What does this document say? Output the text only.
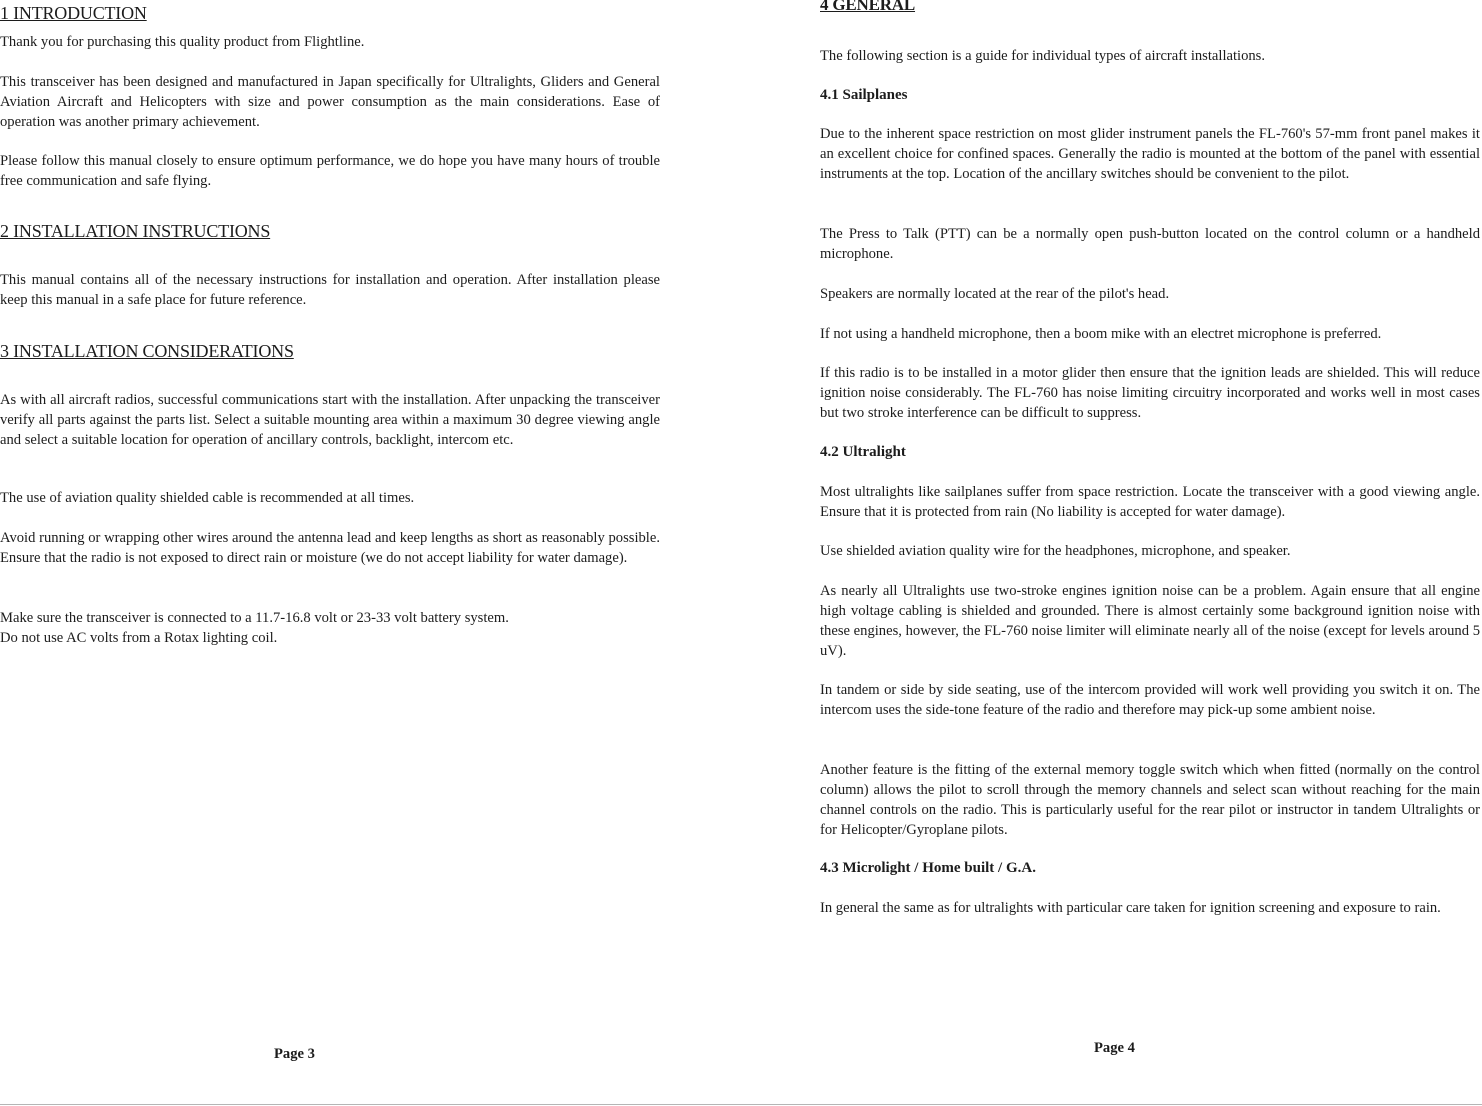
1 INTRODUCTION

Thank you for purchasing this quality product from Flightline.

This transceiver has been designed and manufactured in Japan specifically for Ultralights, Gliders and General Aviation Aircraft and Helicopters with size and power consumption as the main considerations. Ease of operation was another primary achievement.

Please follow this manual closely to ensure optimum performance, we do hope you have many hours of trouble free communication and safe flying.

2 INSTALLATION INSTRUCTIONS

This manual contains all of the necessary instructions for installation and operation. After installation please keep this manual in a safe place for future reference.

3 INSTALLATION CONSIDERATIONS

As with all aircraft radios, successful communications start with the installation. After unpacking the transceiver verify all parts against the parts list. Select a suitable mounting area within a maximum 30 degree viewing angle and select a suitable location for operation of ancillary controls, backlight, intercom etc.

The use of aviation quality shielded cable is recommended at all times.

Avoid running or wrapping other wires around the antenna lead and keep lengths as short as reasonably possible. Ensure that the radio is not exposed to direct rain or moisture (we do not accept liability for water damage).

Make sure the transceiver is connected to a 11.7-16.8 volt or 23-33 volt battery system.

Do not use AC volts from a Rotax lighting coil.

Page 3
4 GENERAL

The following section is a guide for individual types of aircraft installations.

4.1 Sailplanes

Due to the inherent space restriction on most glider instrument panels the FL-760's 57-mm front panel makes it an excellent choice for confined spaces. Generally the radio is mounted at the bottom of the panel with essential instruments at the top. Location of the ancillary switches should be convenient to the pilot.

The Press to Talk (PTT) can be a normally open push-button located on the control column or a handheld microphone.

Speakers are normally located at the rear of the pilot's head.

If not using a handheld microphone, then a boom mike with an electret microphone is preferred.

If this radio is to be installed in a motor glider then ensure that the ignition leads are shielded. This will reduce ignition noise considerably. The FL-760 has noise limiting circuitry incorporated and works well in most cases but two stroke interference can be difficult to suppress.

4.2 Ultralight

Most ultralights like sailplanes suffer from space restriction. Locate the transceiver with a good viewing angle. Ensure that it is protected from rain (No liability is accepted for water damage).

Use shielded aviation quality wire for the headphones, microphone, and speaker.

As nearly all Ultralights use two-stroke engines ignition noise can be a problem. Again ensure that all engine high voltage cabling is shielded and grounded. There is almost certainly some background ignition noise with these engines, however, the FL-760 noise limiter will eliminate nearly all of the noise (except for levels around 5 uV).

In tandem or side by side seating, use of the intercom provided will work well providing you switch it on. The intercom uses the side-tone feature of the radio and therefore may pick-up some ambient noise.

Another feature is the fitting of the external memory toggle switch which when fitted (normally on the control column) allows the pilot to scroll through the memory channels and select scan without reaching for the main channel controls on the radio. This is particularly useful for the rear pilot or instructor in tandem Ultralights or for Helicopter/Gyroplane pilots.

4.3 Microlight / Home built / G.A.

In general the same as for ultralights with particular care taken for ignition screening and exposure to rain.

Page 4
